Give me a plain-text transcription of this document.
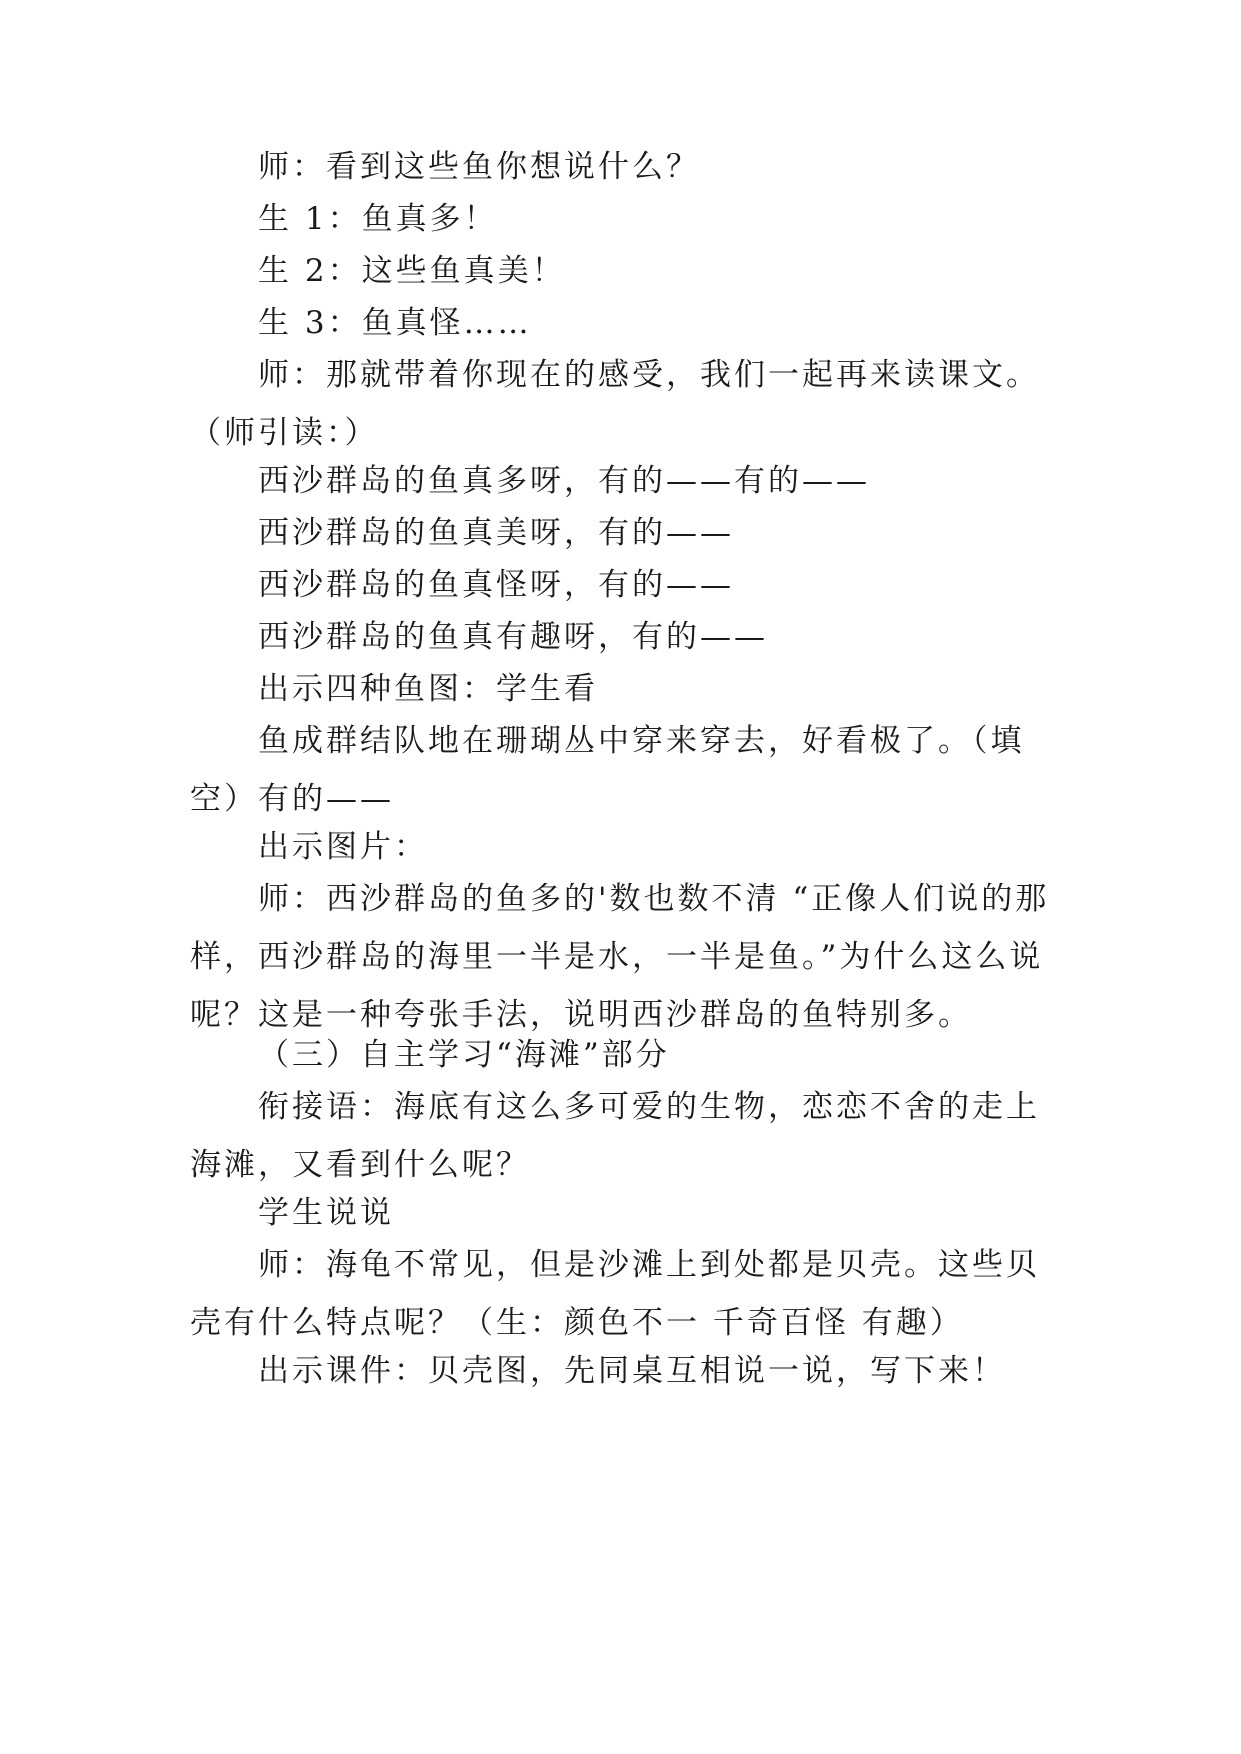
师：看到这些鱼你想说什么？

生 1：鱼真多！

生 2：这些鱼真美！

生 3：鱼真怪……

师：那就带着你现在的感受，我们一起再来读课文。（师引读：）

西沙群岛的鱼真多呀，有的——有的——

西沙群岛的鱼真美呀，有的——

西沙群岛的鱼真怪呀，有的——

西沙群岛的鱼真有趣呀，有的——

出示四种鱼图：学生看

鱼成群结队地在珊瑚丛中穿来穿去，好看极了。（填空）有的——

出示图片：

师：西沙群岛的鱼多的'数也数不清 “正像人们说的那样，西沙群岛的海里一半是水，一半是鱼。”为什么这么说呢？这是一种夸张手法，说明西沙群岛的鱼特别多。

（三）自主学习“海滩”部分

衔接语：海底有这么多可爱的生物，恋恋不舍的走上海滩，又看到什么呢？

学生说说

师：海龟不常见，但是沙滩上到处都是贝壳。这些贝壳有什么特点呢？（生：颜色不一 千奇百怪 有趣）

出示课件：贝壳图，先同桌互相说一说，写下来！
